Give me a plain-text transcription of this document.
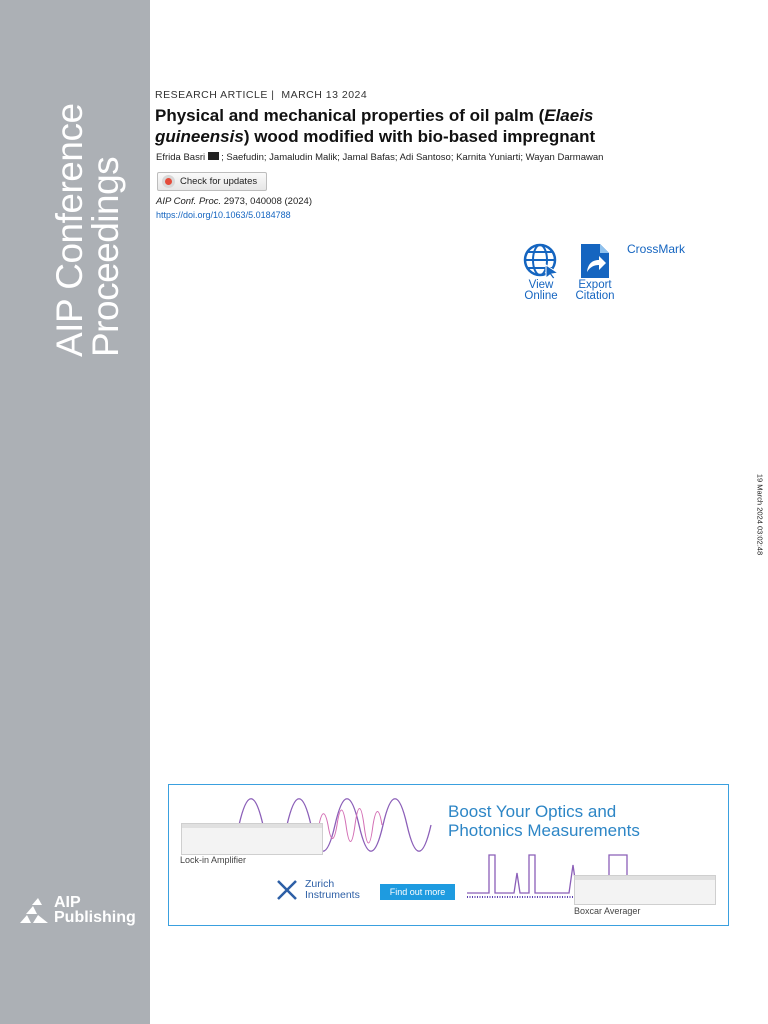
AIP Conference
Proceedings
AIP
Publishing
RESEARCH ARTICLE | MARCH 13 2024
Physical and mechanical properties of oil palm (Elaeis guineensis) wood modified with bio-based impregnant
Efrida Basri ; Saefudin; Jamaludin Malik; Jamal Bafas; Adi Santoso; Karnita Yuniarti; Wayan Darmawan
Check for updates
AIP Conf. Proc. 2973, 040008 (2024)
https://doi.org/10.1063/5.0184788
View
Online
Export
Citation
CrossMark
19 March 2024 03:02:48
Boost Your Optics and
Photonics Measurements
Lock-in Amplifier
Boxcar Averager
Zurich
Instruments	Find out more
